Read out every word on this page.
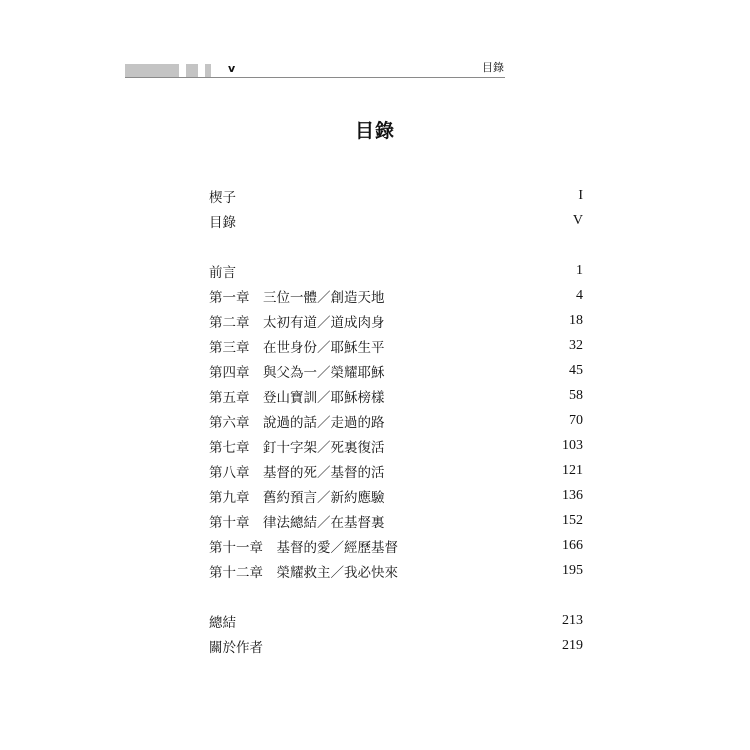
v	目錄
目錄
楔子	I
目錄	V
前言	1
第一章　三位一體／創造天地	4
第二章　太初有道／道成肉身	18
第三章　在世身份／耶穌生平	32
第四章　與父為一／榮耀耶穌	45
第五章　登山寶訓／耶穌榜樣	58
第六章　說過的話／走過的路	70
第七章　釘十字架／死裏復活	103
第八章　基督的死／基督的活	121
第九章　舊約預言／新約應驗	136
第十章　律法總結／在基督裏	152
第十一章　基督的愛／經歷基督	166
第十二章　榮耀救主／我必快來	195
總結	213
關於作者	219
